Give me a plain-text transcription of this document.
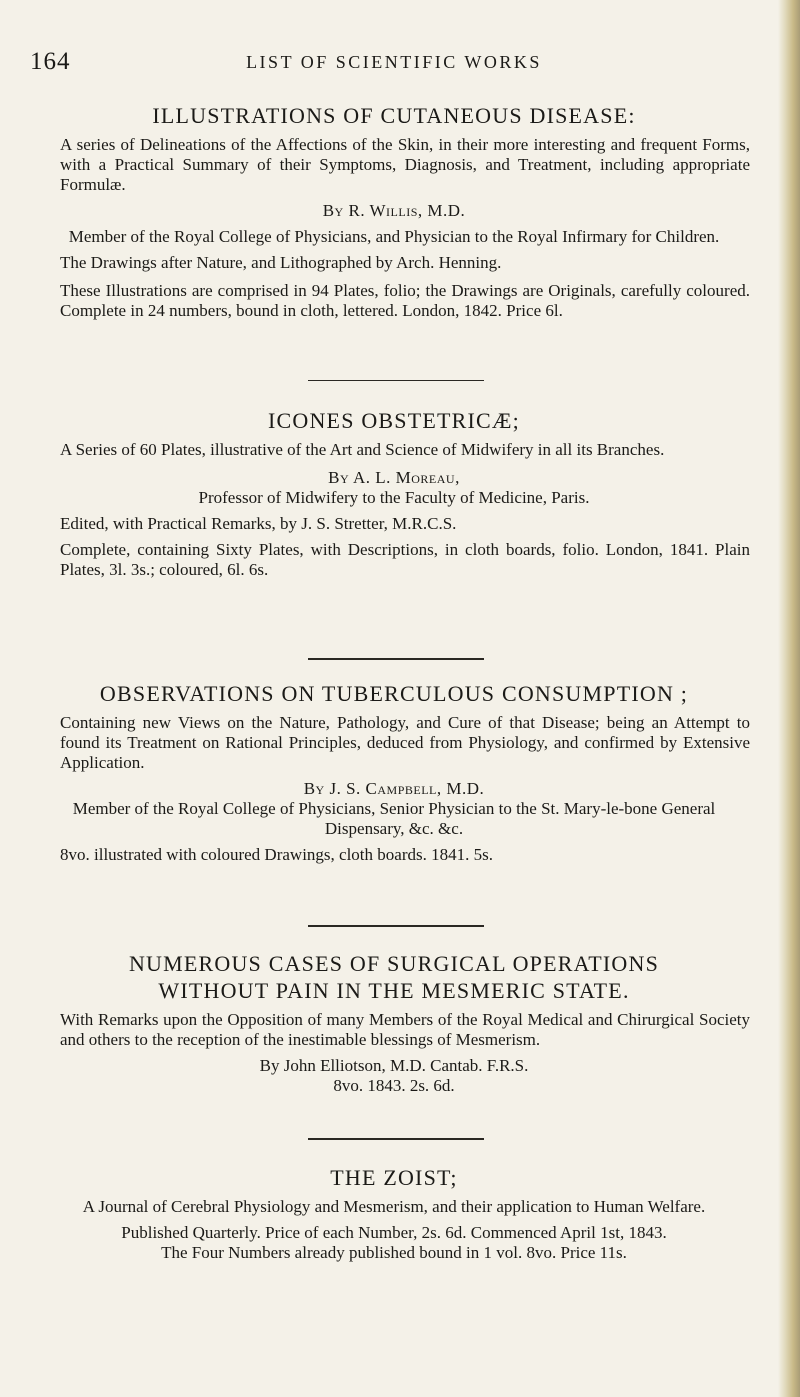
164	LIST OF SCIENTIFIC WORKS
ILLUSTRATIONS OF CUTANEOUS DISEASE:

A series of Delineations of the Affections of the Skin, in their more interesting and frequent Forms, with a Practical Summary of their Symptoms, Diagnosis, and Treatment, including appropriate Formulæ.

By R. Willis, M.D.

Member of the Royal College of Physicians, and Physician to the Royal Infirmary for Children.

The Drawings after Nature, and Lithographed by Arch. Henning.

These Illustrations are comprised in 94 Plates, folio; the Drawings are Originals, carefully coloured. Complete in 24 numbers, bound in cloth, lettered. London, 1842. Price 6l.

ICONES OBSTETRICÆ;

A Series of 60 Plates, illustrative of the Art and Science of Midwifery in all its Branches.

By A. L. Moreau,

Professor of Midwifery to the Faculty of Medicine, Paris.

Edited, with Practical Remarks, by J. S. Stretter, M.R.C.S.

Complete, containing Sixty Plates, with Descriptions, in cloth boards, folio. London, 1841. Plain Plates, 3l. 3s.; coloured, 6l. 6s.

OBSERVATIONS ON TUBERCULOUS CONSUMPTION ;

Containing new Views on the Nature, Pathology, and Cure of that Disease; being an Attempt to found its Treatment on Rational Principles, deduced from Physiology, and confirmed by Extensive Application.

By J. S. Campbell, M.D.

Member of the Royal College of Physicians, Senior Physician to the St. Mary-le-bone General Dispensary, &c. &c.

8vo. illustrated with coloured Drawings, cloth boards. 1841. 5s.

NUMEROUS CASES OF SURGICAL OPERATIONS
WITHOUT PAIN IN THE MESMERIC STATE.

With Remarks upon the Opposition of many Members of the Royal Medical and Chirurgical Society and others to the reception of the inestimable blessings of Mesmerism.

By John Elliotson, M.D. Cantab. F.R.S.

8vo. 1843. 2s. 6d.

THE ZOIST;

A Journal of Cerebral Physiology and Mesmerism, and their application to Human Welfare.

Published Quarterly. Price of each Number, 2s. 6d. Commenced April 1st, 1843.

The Four Numbers already published bound in 1 vol. 8vo. Price 11s.
